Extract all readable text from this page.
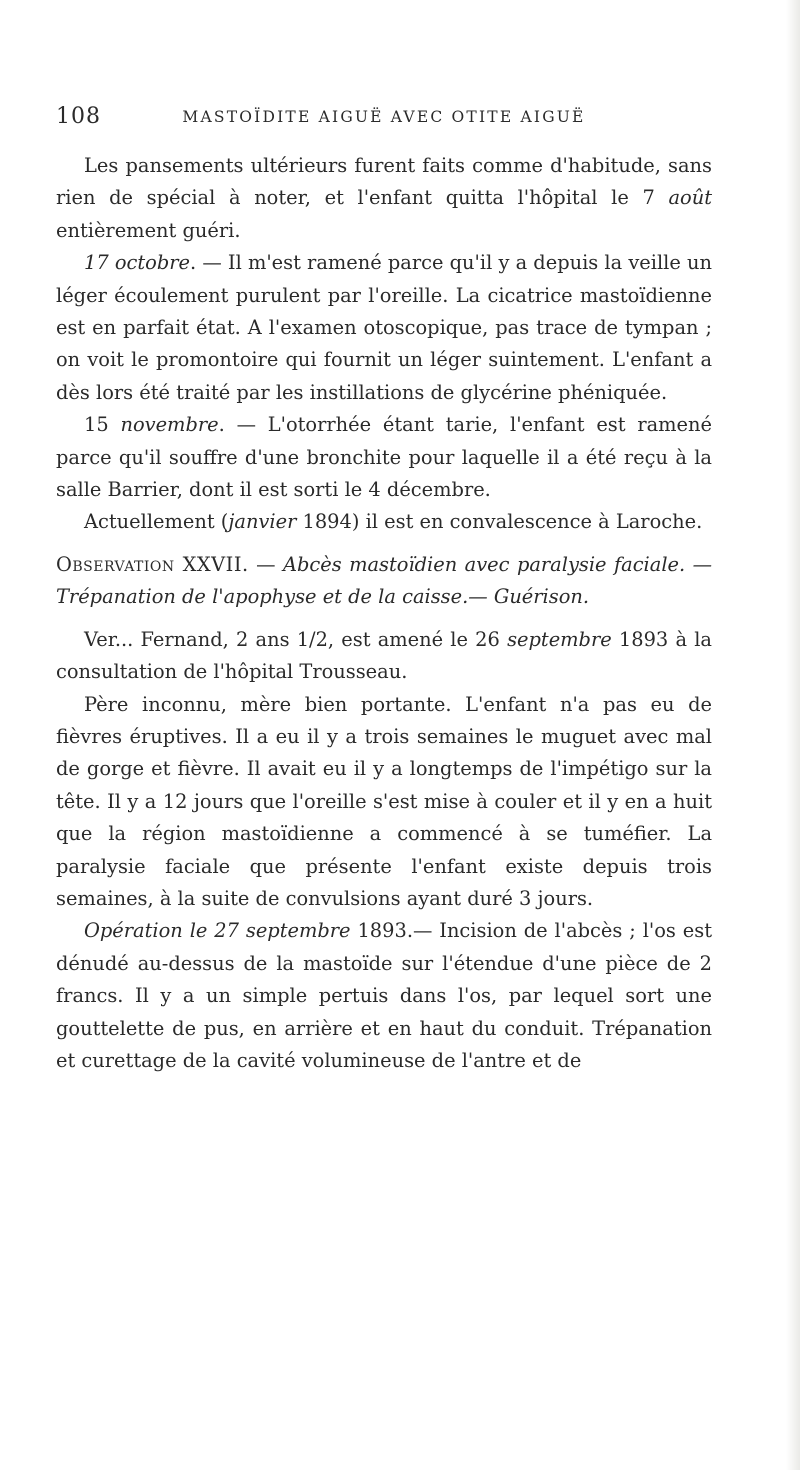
108	MASTOÏDITE AIGUË AVEC OTITE AIGUË

Les pansements ultérieurs furent faits comme d'habitude, sans rien de spécial à noter, et l'enfant quitta l'hôpital le 7 août entièrement guéri.

17 octobre. — Il m'est ramené parce qu'il y a depuis la veille un léger écoulement purulent par l'oreille. La cicatrice mastoïdienne est en parfait état. A l'examen otoscopique, pas trace de tympan ; on voit le promontoire qui fournit un léger suintement. L'enfant a dès lors été traité par les instillations de glycérine phéniquée.

15 novembre. — L'otorrhée étant tarie, l'enfant est ramené parce qu'il souffre d'une bronchite pour laquelle il a été reçu à la salle Barrier, dont il est sorti le 4 décembre.

Actuellement (janvier 1894) il est en convalescence à Laroche.

Observation XXVII. — Abcès mastoïdien avec paralysie faciale. — Trépanation de l'apophyse et de la caisse.— Guérison.

Ver... Fernand, 2 ans 1/2, est amené le 26 septembre 1893 à la consultation de l'hôpital Trousseau.

Père inconnu, mère bien portante. L'enfant n'a pas eu de fièvres éruptives. Il a eu il y a trois semaines le muguet avec mal de gorge et fièvre. Il avait eu il y a longtemps de l'impétigo sur la tête. Il y a 12 jours que l'oreille s'est mise à couler et il y en a huit que la région mastoïdienne a commencé à se tuméfier. La paralysie faciale que présente l'enfant existe depuis trois semaines, à la suite de convulsions ayant duré 3 jours.

Opération le 27 septembre 1893.— Incision de l'abcès ; l'os est dénudé au-dessus de la mastoïde sur l'étendue d'une pièce de 2 francs. Il y a un simple pertuis dans l'os, par lequel sort une gouttelette de pus, en arrière et en haut du conduit. Trépanation et curettage de la cavité volumineuse de l'antre et de
